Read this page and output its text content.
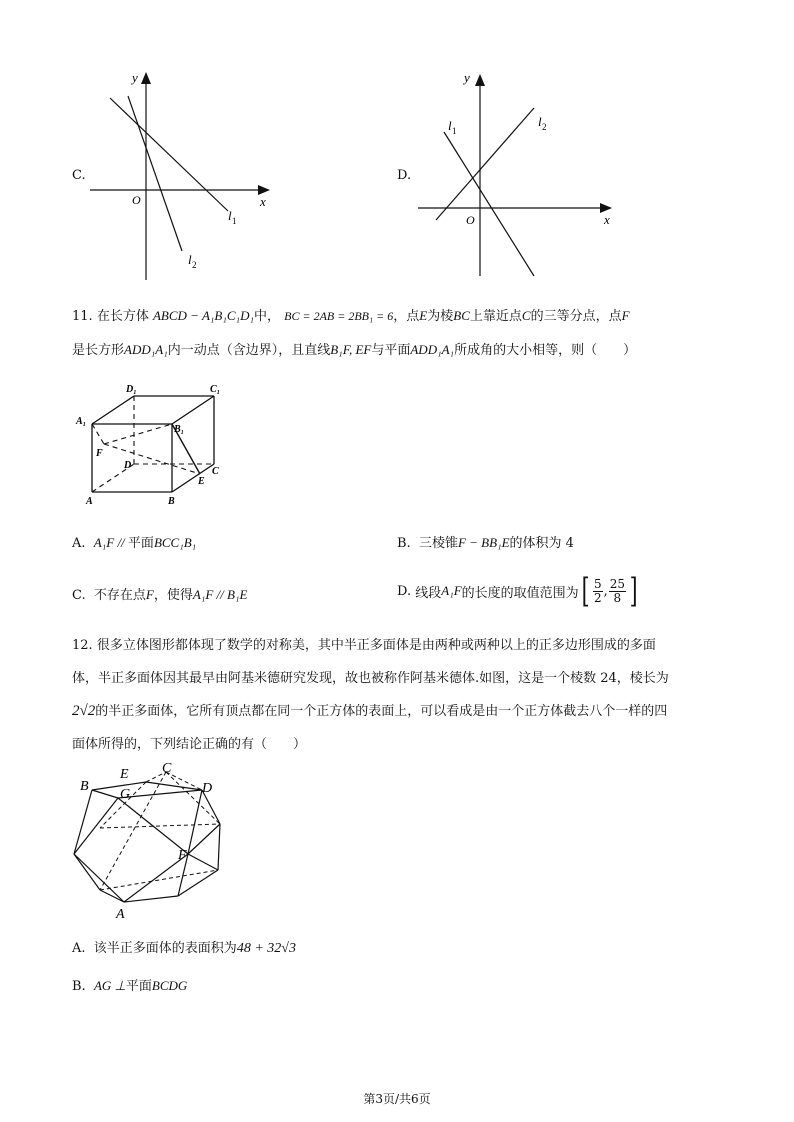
C.
y
x
O
l 1
l 2
D.
y
x
O
l 1
l 2
11. 在长方体 ABCD − A₁B₁C₁D₁中， BC = 2AB = 2BB₁ = 6，点E为棱BC上靠近点C的三等分点，点F
是长方形ADD₁A₁内一动点（含边界），且直线B₁F, EF与平面ADD₁A₁所成角的大小相等，则（　　）
D₁	C₁
A₁
B₁
F
D
C
E
A	B
A. A₁F // 平面BCC₁B₁	B. 三棱锥F − BB₁E的体积为 4
C. 不存在点F，使得A₁F // B₁E	D.
线段 A₁F 的长度的取值范围为 [ $\frac{5}{2}$ , $\frac{25}{8}$ ]
12. 很多立体图形都体现了数学的对称美，其中半正多面体是由两种或两种以上的正多边形围成的多面
体，半正多面体因其最早由阿基米德研究发现，故也被称作阿基米德体.如图，这是一个棱数 24，棱长为
2√2的半正多面体，它所有顶点都在同一个正方体的表面上，可以看成是由一个正方体截去八个一样的四
面体所得的，下列结论正确的有（　　）
B
E C
G	D
F
A
A. 该半正多面体的表面积为48 + 32√3
B. AG ⊥平面BCDG
第3页/共6页
